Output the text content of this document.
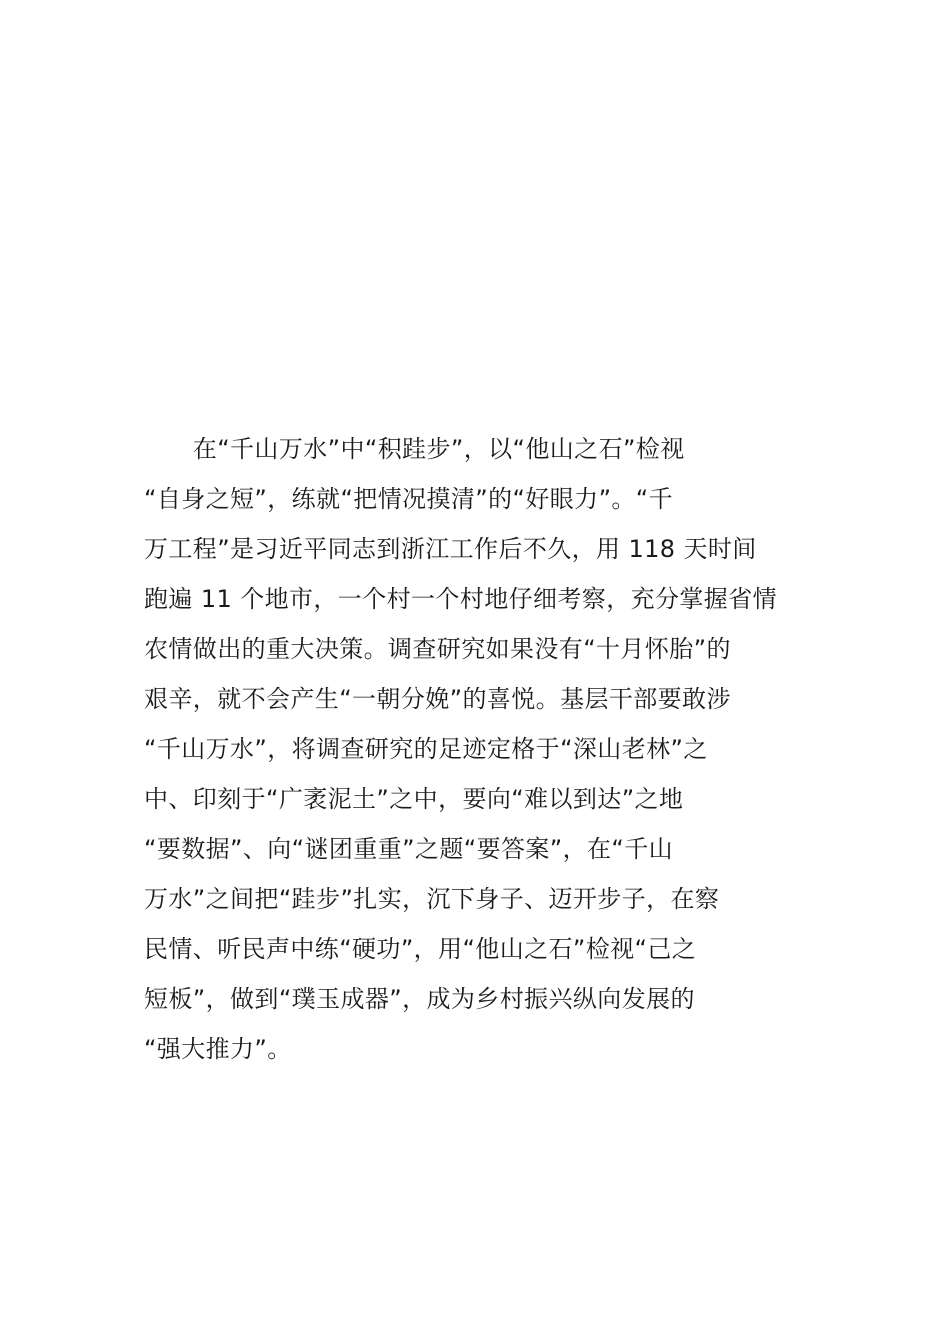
　　在“千山万水”中“积跬步”，以“他山之石”检视
“自身之短”，练就“把情况摸清”的“好眼力”。“千
万工程”是习近平同志到浙江工作后不久，用 118 天时间
跑遍 11 个地市，一个村一个村地仔细考察，充分掌握省情
农情做出的重大决策。调查研究如果没有“十月怀胎”的
艰辛，就不会产生“一朝分娩”的喜悦。基层干部要敢涉
“千山万水”，将调查研究的足迹定格于“深山老林”之
中、印刻于“广袤泥土”之中，要向“难以到达”之地
“要数据”、向“谜团重重”之题“要答案”，在“千山
万水”之间把“跬步”扎实，沉下身子、迈开步子，在察
民情、听民声中练“硬功”，用“他山之石”检视“己之
短板”，做到“璞玉成器”，成为乡村振兴纵向发展的
“强大推力”。
